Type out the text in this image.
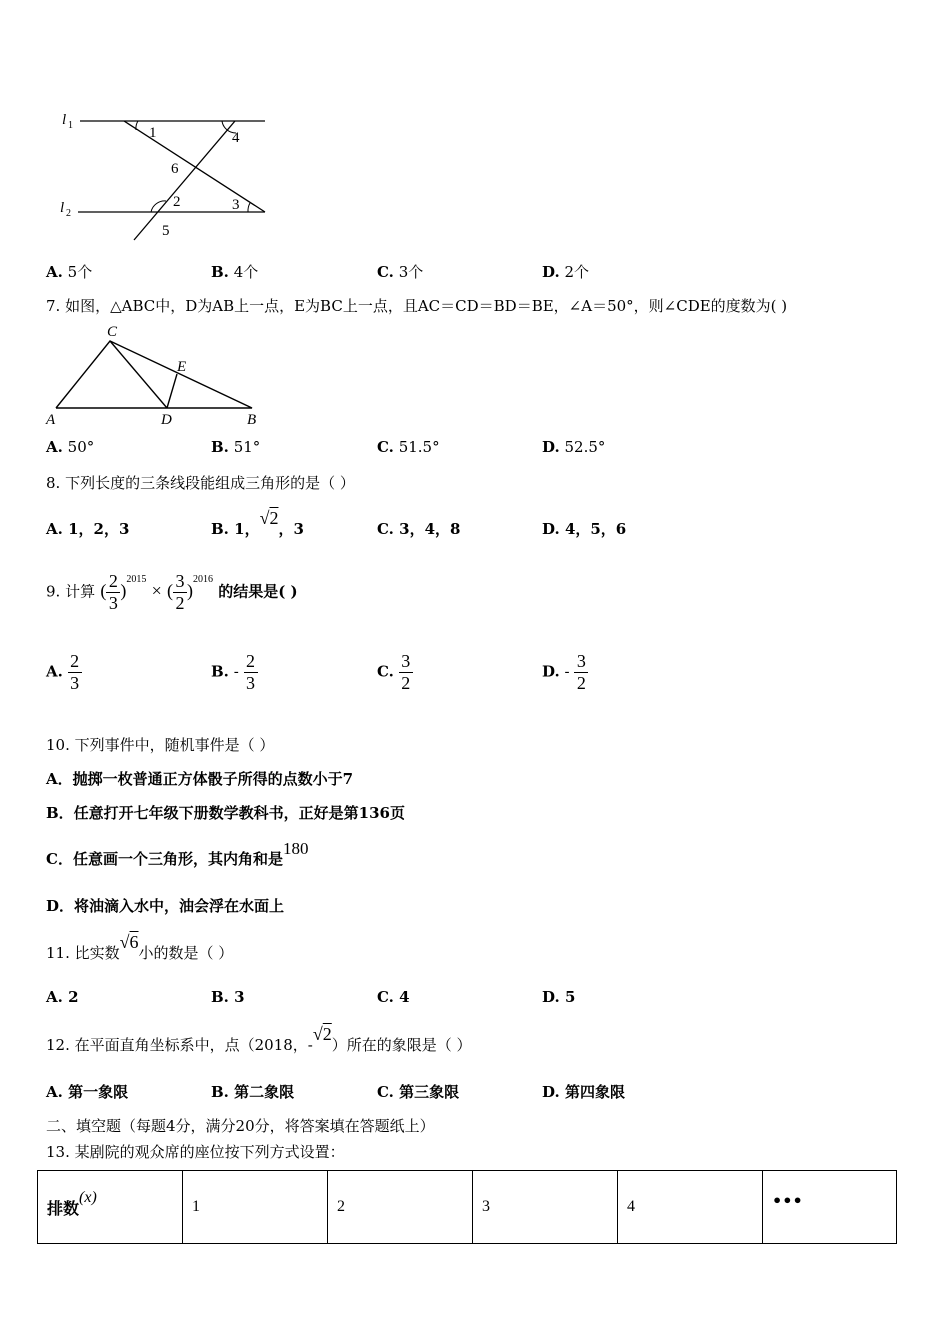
l 1
l 2
1	4
6
2	3
5
A. 5个	B. 4个	C. 3个	D. 2个
7. 如图，△ABC中，D为AB上一点，E为BC上一点，且AC＝CD＝BD＝BE，∠A＝50°，则∠CDE的度数为( )
C
E
A	D	B
A. 50°	B. 51°	C. 51.5°	D. 52.5°
8. 下列长度的三条线段能组成三角形的是（ ）
A. 1，2，3	B. 1，√2，3	C. 3，4，8	D. 4，5，6
9. 计算 ( $\frac{2}{3} )^{2015}$ × ( $\frac{3}{2} )^{2016}$ 的结果是( )
A. $\frac{2}{3}$	B. - $\frac{2}{3}$	C. $\frac{3}{2}$	D. - $\frac{3}{2}$
10. 下列事件中，随机事件是（ ）
A．抛掷一枚普通正方体骰子所得的点数小于7
B．任意打开七年级下册数学教科书，正好是第136页
C．任意画一个三角形，其内角和是180
D．将油滴入水中，油会浮在水面上
11. 比实数√6小的数是（ ）
A. 2	B. 3	C. 4	D. 5
12. 在平面直角坐标系中，点（2018，-√2）所在的象限是（ ）
A. 第一象限	B. 第二象限	C. 第三象限	D. 第四象限
二、填空题（每题4分，满分20分，将答案填在答题纸上）
13. 某剧院的观众席的座位按下列方式设置：
排数(x)	1	2	3	4	•••
